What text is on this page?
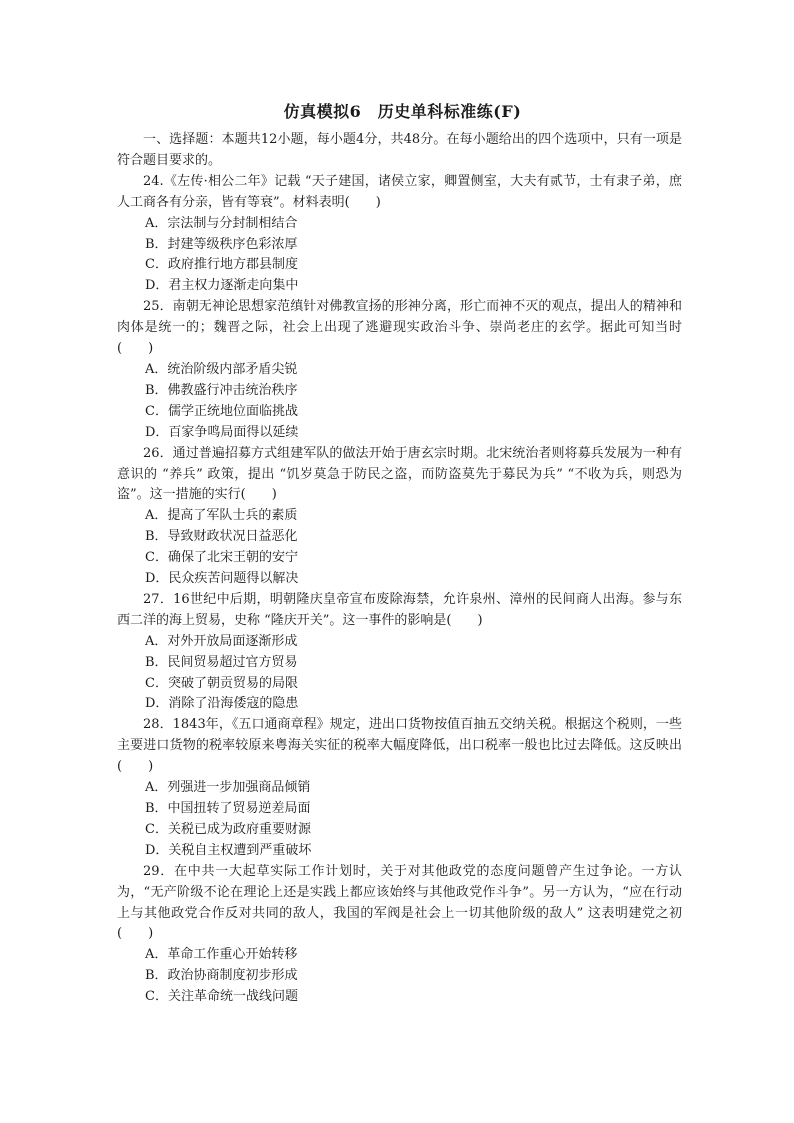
仿真模拟6　历史单科标准练(F)

一、选择题：本题共12小题，每小题4分，共48分。在每小题给出的四个选项中，只有一项是符合题目要求的。

24.《左传·相公二年》记载 “天子建国，诸侯立家，卿置侧室，大夫有贰节，士有隶子弟，庶人工商各有分亲，皆有等衰”。材料表明(　　)

A．宗法制与分封制相结合
B．封建等级秩序色彩浓厚
C．政府推行地方郡县制度
D．君主权力逐渐走向集中

25．南朝无神论思想家范缜针对佛教宣扬的形神分离，形亡而神不灭的观点，提出人的精神和肉体是统一的；魏晋之际，社会上出现了逃避现实政治斗争、崇尚老庄的玄学。据此可知当时(　　)

A．统治阶级内部矛盾尖锐
B．佛教盛行冲击统治秩序
C．儒学正统地位面临挑战
D．百家争鸣局面得以延续

26．通过普遍招募方式组建军队的做法开始于唐玄宗时期。北宋统治者则将募兵发展为一种有意识的 “养兵” 政策，提出 “饥岁莫急于防民之盗，而防盗莫先于募民为兵” “不收为兵，则恐为盗”。这一措施的实行(　　)

A．提高了军队士兵的素质
B．导致财政状况日益恶化
C．确保了北宋王朝的安宁
D．民众疾苦问题得以解决

27．16世纪中后期，明朝隆庆皇帝宣布废除海禁，允许泉州、漳州的民间商人出海。参与东西二洋的海上贸易，史称 “隆庆开关”。这一事件的影响是(　　)

A．对外开放局面逐渐形成
B．民间贸易超过官方贸易
C．突破了朝贡贸易的局限
D．消除了沿海倭寇的隐患

28．1843年，《五口通商章程》规定，进出口货物按值百抽五交纳关税。根据这个税则，一些主要进口货物的税率较原来粤海关实征的税率大幅度降低，出口税率一般也比过去降低。这反映出(　　)

A．列强进一步加强商品倾销
B．中国扭转了贸易逆差局面
C．关税已成为政府重要财源
D．关税自主权遭到严重破坏

29．在中共一大起草实际工作计划时，关于对其他政党的态度问题曾产生过争论。一方认为，“无产阶级不论在理论上还是实践上都应该始终与其他政党作斗争”。另一方认为，“应在行动上与其他政党合作反对共同的敌人，我国的军阀是社会上一切其他阶级的敌人” 这表明建党之初(　　)

A．革命工作重心开始转移
B．政治协商制度初步形成
C．关注革命统一战线问题
